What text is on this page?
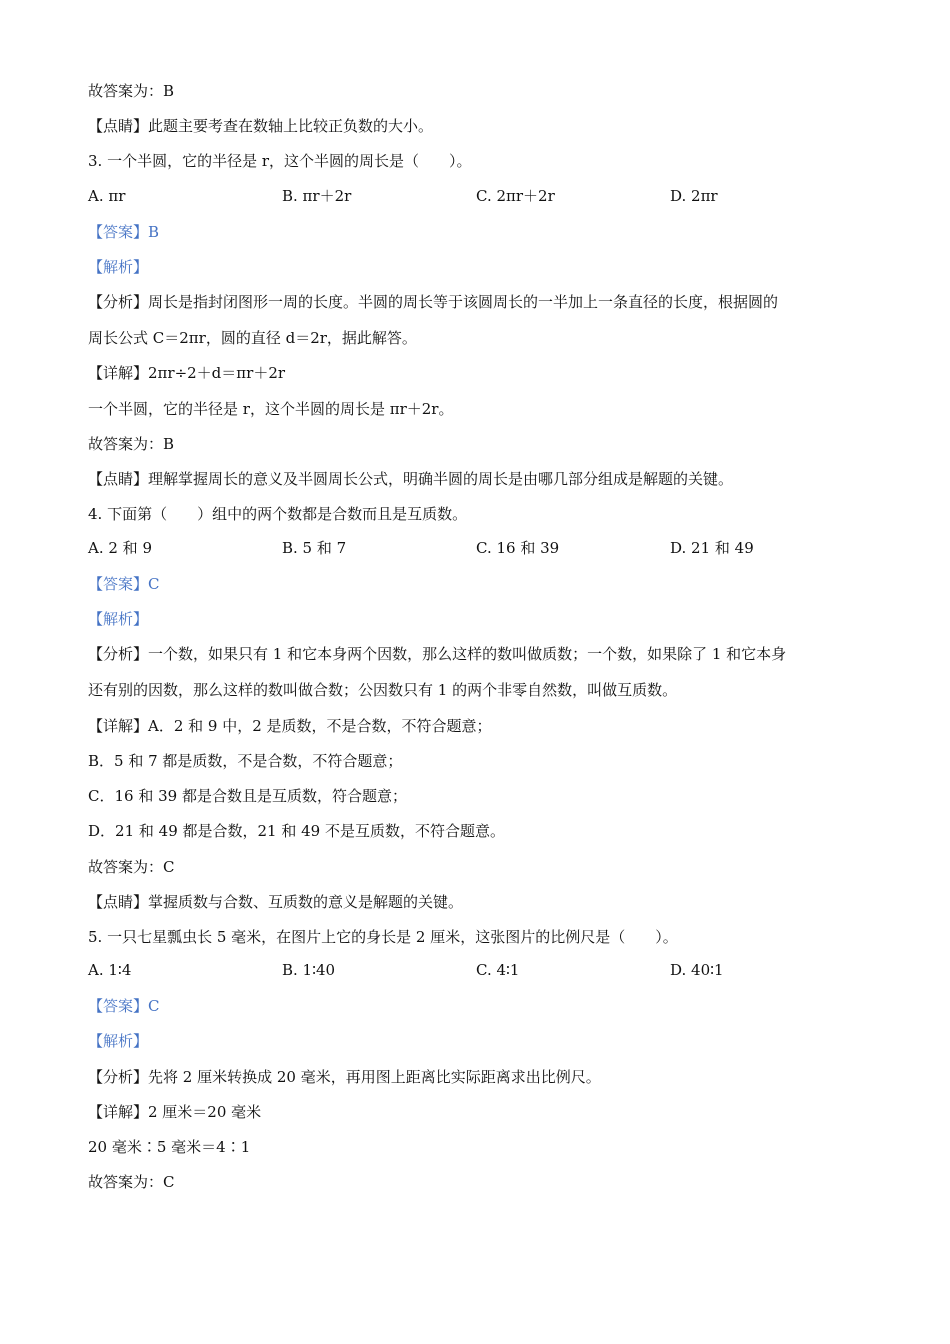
故答案为：B
【点睛】此题主要考查在数轴上比较正负数的大小。
3. 一个半圆，它的半径是 r，这个半圆的周长是（　　）。
A. πr	B. πr＋2r	C. 2πr＋2r	D. 2πr
【答案】B
【解析】
【分析】周长是指封闭图形一周的长度。半圆的周长等于该圆周长的一半加上一条直径的长度，根据圆的
周长公式 C＝2πr，圆的直径 d＝2r，据此解答。
【详解】2πr÷2＋d＝πr＋2r
一个半圆，它的半径是 r，这个半圆的周长是 πr＋2r。
故答案为：B
【点睛】理解掌握周长的意义及半圆周长公式，明确半圆的周长是由哪几部分组成是解题的关键。
4. 下面第（　　）组中的两个数都是合数而且是互质数。
A. 2 和 9	B. 5 和 7	C. 16 和 39	D. 21 和 49
【答案】C
【解析】
【分析】一个数，如果只有 1 和它本身两个因数，那么这样的数叫做质数；一个数，如果除了 1 和它本身
还有别的因数，那么这样的数叫做合数；公因数只有 1 的两个非零自然数，叫做互质数。
【详解】A．2 和 9 中，2 是质数，不是合数，不符合题意；
B．5 和 7 都是质数，不是合数，不符合题意；
C．16 和 39 都是合数且是互质数，符合题意；
D．21 和 49 都是合数，21 和 49 不是互质数，不符合题意。
故答案为：C
【点睛】掌握质数与合数、互质数的意义是解题的关键。
5. 一只七星瓢虫长 5 毫米，在图片上它的身长是 2 厘米，这张图片的比例尺是（　　）。
A. 1∶4	B. 1∶40	C. 4∶1	D. 40∶1
【答案】C
【解析】
【分析】先将 2 厘米转换成 20 毫米，再用图上距离比实际距离求出比例尺。
【详解】2 厘米＝20 毫米
20 毫米∶5 毫米＝4∶1
故答案为：C
